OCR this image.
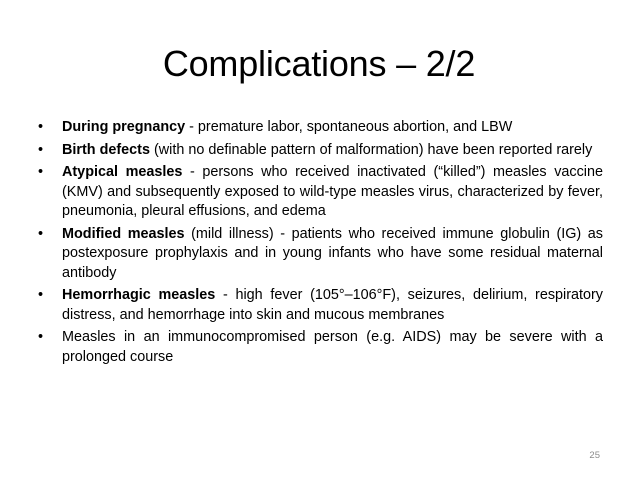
Complications – 2/2
• During pregnancy - premature labor, spontaneous abortion, and LBW
• Birth defects (with no definable pattern of malformation) have been reported rarely
• Atypical measles - persons who received inactivated (“killed”) measles vaccine (KMV) and subsequently exposed to wild-type measles virus, characterized by fever, pneumonia, pleural effusions, and edema
• Modified measles (mild illness) - patients who received immune globulin (IG) as postexposure prophylaxis and in young infants who have some residual maternal antibody
• Hemorrhagic measles - high fever (105°–106°F), seizures, delirium, respiratory distress, and hemorrhage into skin and mucous membranes
• Measles in an immunocompromised person (e.g. AIDS) may be severe with a prolonged course
25
